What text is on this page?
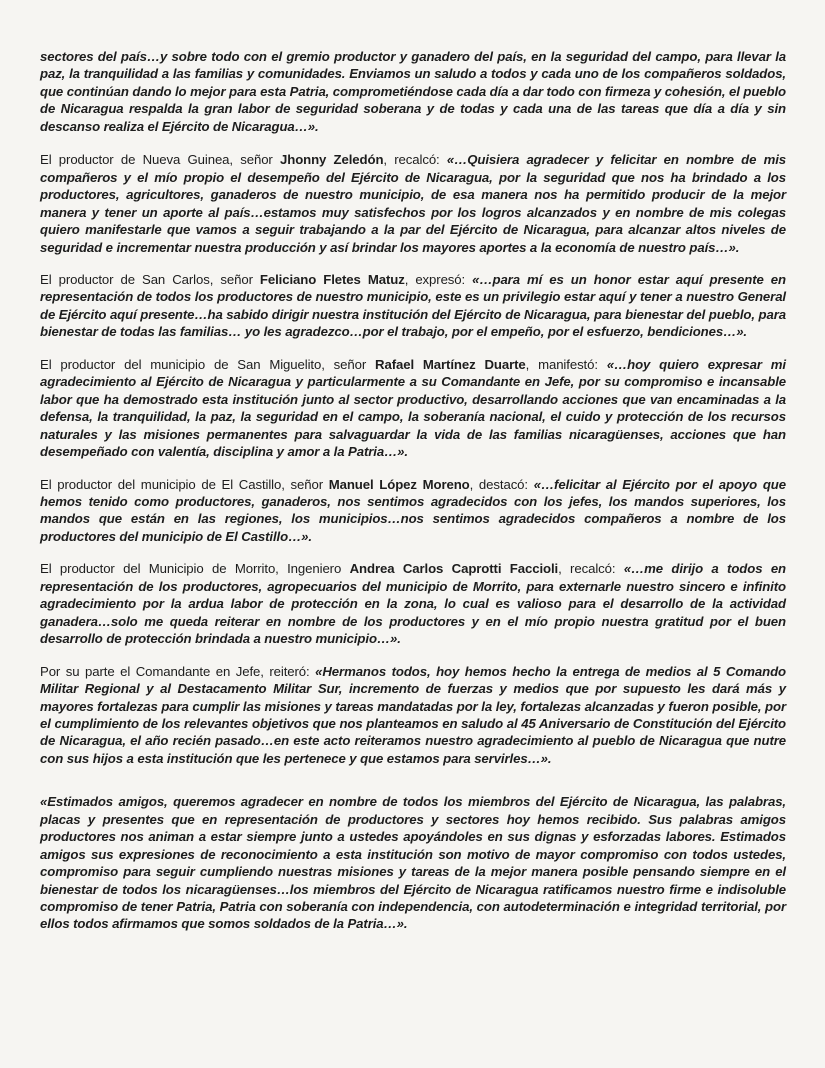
sectores del país…y sobre todo con el gremio productor y ganadero del país, en la seguridad del campo, para llevar la paz, la tranquilidad a las familias y comunidades. Enviamos un saludo a todos y cada uno de los compañeros soldados, que continúan dando lo mejor para esta Patria, comprometiéndose cada día a dar todo con firmeza y cohesión, el pueblo de Nicaragua respalda la gran labor de seguridad soberana y de todas y cada una de las tareas que día a día y sin descanso realiza el Ejército de Nicaragua…».

El productor de Nueva Guinea, señor Jhonny Zeledón, recalcó: «…Quisiera agradecer y felicitar en nombre de mis compañeros y el mío propio el desempeño del Ejército de Nicaragua, por la seguridad que nos ha brindado a los productores, agricultores, ganaderos de nuestro municipio, de esa manera nos ha permitido producir de la mejor manera y tener un aporte al país…estamos muy satisfechos por los logros alcanzados y en nombre de mis colegas quiero manifestarle que vamos a seguir trabajando a la par del Ejército de Nicaragua, para alcanzar altos niveles de seguridad e incrementar nuestra producción y así brindar los mayores aportes a la economía de nuestro país…».

El productor de San Carlos, señor Feliciano Fletes Matuz, expresó: «…para mí es un honor estar aquí presente en representación de todos los productores de nuestro municipio, este es un privilegio estar aquí y tener a nuestro General de Ejército aquí presente…ha sabido dirigir nuestra institución del Ejército de Nicaragua, para bienestar del pueblo, para bienestar de todas las familias… yo les agradezco…por el trabajo, por el empeño, por el esfuerzo, bendiciones…».

El productor del municipio de San Miguelito, señor Rafael Martínez Duarte, manifestó: «…hoy quiero expresar mi agradecimiento al Ejército de Nicaragua y particularmente a su Comandante en Jefe, por su compromiso e incansable labor que ha demostrado esta institución junto al sector productivo, desarrollando acciones que van encaminadas a la defensa, la tranquilidad, la paz, la seguridad en el campo, la soberanía nacional, el cuido y protección de los recursos naturales y las misiones permanentes para salvaguardar la vida de las familias nicaragüenses, acciones que han desempeñado con valentía, disciplina y amor a la Patria…».

El productor del municipio de El Castillo, señor Manuel López Moreno, destacó: «…felicitar al Ejército por el apoyo que hemos tenido como productores, ganaderos, nos sentimos agradecidos con los jefes, los mandos superiores, los mandos que están en las regiones, los municipios…nos sentimos agradecidos compañeros a nombre de los productores del municipio de El Castillo…».

El productor del Municipio de Morrito, Ingeniero Andrea Carlos Caprotti Faccioli, recalcó: «…me dirijo a todos en representación de los productores, agropecuarios del municipio de Morrito, para externarle nuestro sincero e infinito agradecimiento por la ardua labor de protección en la zona, lo cual es valioso para el desarrollo de la actividad ganadera…solo me queda reiterar en nombre de los productores y en el mío propio nuestra gratitud por el buen desarrollo de protección brindada a nuestro municipio…».

Por su parte el Comandante en Jefe, reiteró: «Hermanos todos, hoy hemos hecho la entrega de medios al 5 Comando Militar Regional y al Destacamento Militar Sur, incremento de fuerzas y medios que por supuesto les dará más y mayores fortalezas para cumplir las misiones y tareas mandatadas por la ley, fortalezas alcanzadas y fueron posible, por el cumplimiento de los relevantes objetivos que nos planteamos en saludo al 45 Aniversario de Constitución del Ejército de Nicaragua, el año recién pasado…en este acto reiteramos nuestro agradecimiento al pueblo de Nicaragua que nutre con sus hijos a esta institución que les pertenece y que estamos para servirles…».

«Estimados amigos, queremos agradecer en nombre de todos los miembros del Ejército de Nicaragua, las palabras, placas y presentes que en representación de productores y sectores hoy hemos recibido. Sus palabras amigos productores nos animan a estar siempre junto a ustedes apoyándoles en sus dignas y esforzadas labores. Estimados amigos sus expresiones de reconocimiento a esta institución son motivo de mayor compromiso con todos ustedes, compromiso para seguir cumpliendo nuestras misiones y tareas de la mejor manera posible pensando siempre en el bienestar de todos los nicaragüenses…los miembros del Ejército de Nicaragua ratificamos nuestro firme e indisoluble compromiso de tener Patria, Patria con soberanía con independencia, con autodeterminación e integridad territorial, por ellos todos afirmamos que somos soldados de la Patria…».
